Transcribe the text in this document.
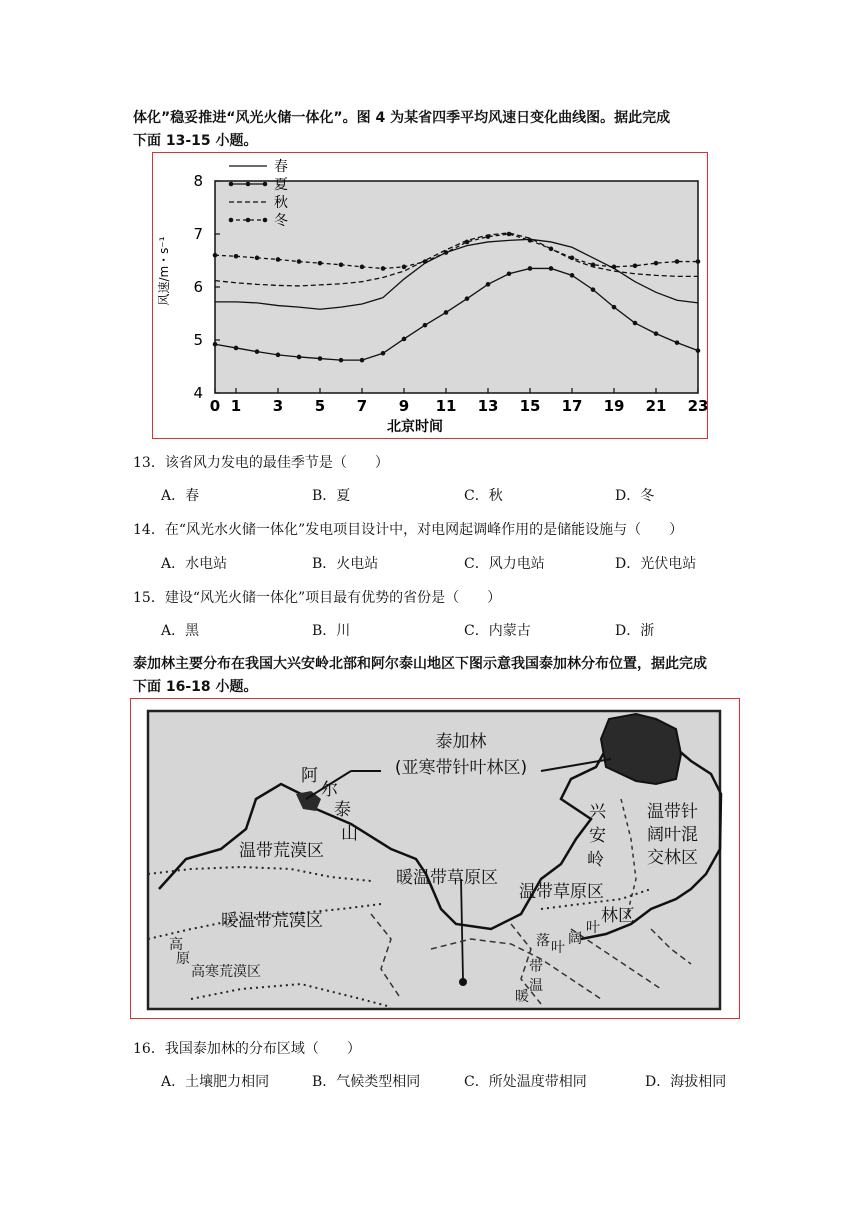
体化”稳妥推进“风光火储一体化”。图 4 为某省四季平均风速日变化曲线图。据此完成
下面 13-15 小题。
4
5
6
7
8
0 1 3 5 7 9 11 13 15 17 19 21 23
春
夏
秋
冬
北京时间
风速/m・s⁻¹
13．该省风力发电的最佳季节是（　　）
A．春	B．夏	C．秋	D．冬
14．在“风光水火储一体化”发电项目设计中，对电网起调峰作用的是储能设施与（　　）
A．水电站	B．火电站	C．风力电站	D．光伏电站
15．建设“风光火储一体化”项目最有优势的省份是（　　）
A．黑	B．川	C．内蒙古	D．浙
泰加林主要分布在我国大兴安岭北部和阿尔泰山地区下图示意我国泰加林分布位置，据此完成
下面 16-18 小题。
泰加林
(亚寒带针叶林区)
阿
尔
泰
山
温带荒漠区
暖温带荒漠区
暖温带草原区
温带草原区
兴
安
岭
温带针
阔叶混
交林区
林区
高
原
高寒荒漠区
落 叶
阔
叶
带
温
暖
16．我国泰加林的分布区域（　　）
A．土壤肥力相同	B．气候类型相同	C．所处温度带相同	D．海拔相同
